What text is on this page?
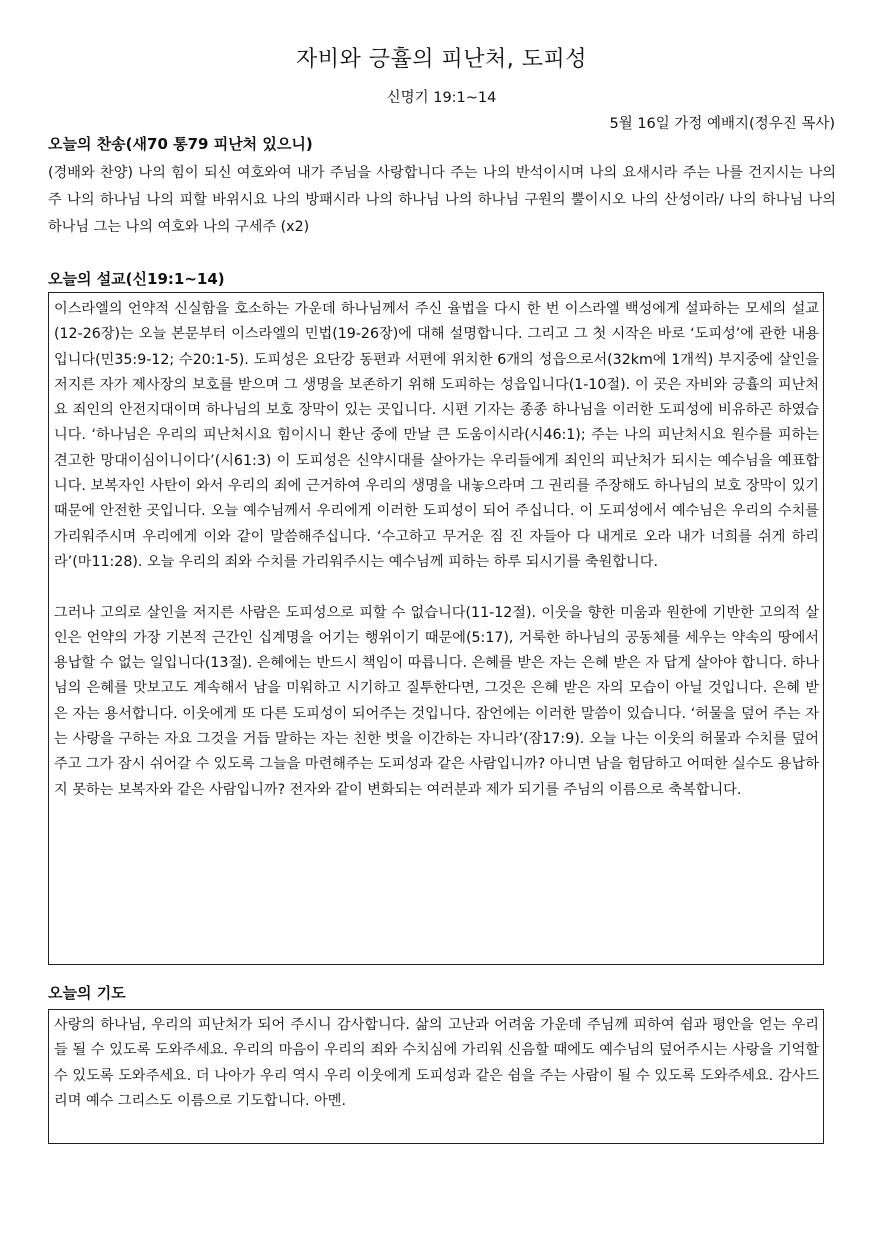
자비와 긍휼의 피난처, 도피성
신명기 19:1~14
5월 16일 가정 예배지(정우진 목사)
오늘의 찬송(새70 통79 피난처 있으니)
(경배와 찬양) 나의 힘이 되신 여호와여 내가 주님을 사랑합니다 주는 나의 반석이시며 나의 요새시라 주는 나를 건지시는 나의 주 나의 하나님 나의 피할 바위시요 나의 방패시라 나의 하나님 나의 하나님 구원의 뿔이시오 나의 산성이라/ 나의 하나님 나의 하나님 그는 나의 여호와 나의 구세주 (x2)
오늘의 설교(신19:1~14)

이스라엘의 언약적 신실함을 호소하는 가운데 하나님께서 주신 율법을 다시 한 번 이스라엘 백성에게 설파하는 모세의 설교(12-26장)는 오늘 본문부터 이스라엘의 민법(19-26장)에 대해 설명합니다. 그리고 그 첫 시작은 바로 ‘도피성’에 관한 내용입니다(민35:9-12; 수20:1-5). 도피성은 요단강 동편과 서편에 위치한 6개의 성읍으로서(32km에 1개씩) 부지중에 살인을 저지른 자가 제사장의 보호를 받으며 그 생명을 보존하기 위해 도피하는 성읍입니다(1-10절). 이 곳은 자비와 긍휼의 피난처요 죄인의 안전지대이며 하나님의 보호 장막이 있는 곳입니다. 시편 기자는 종종 하나님을 이러한 도피성에 비유하곤 하였습니다. ‘하나님은 우리의 피난처시요 힘이시니 환난 중에 만날 큰 도움이시라(시46:1); 주는 나의 피난처시요 원수를 피하는 견고한 망대이심이니이다’(시61:3) 이 도피성은 신약시대를 살아가는 우리들에게 죄인의 피난처가 되시는 예수님을 예표합니다. 보복자인 사탄이 와서 우리의 죄에 근거하여 우리의 생명을 내놓으라며 그 권리를 주장해도 하나님의 보호 장막이 있기 때문에 안전한 곳입니다. 오늘 예수님께서 우리에게 이러한 도피성이 되어 주십니다. 이 도피성에서 예수님은 우리의 수치를 가리워주시며 우리에게 이와 같이 말씀해주십니다. ‘수고하고 무거운 짐 진 자들아 다 내게로 오라 내가 너희를 쉬게 하리라’(마11:28). 오늘 우리의 죄와 수치를 가리워주시는 예수님께 피하는 하루 되시기를 축원합니다.

그러나 고의로 살인을 저지른 사람은 도피성으로 피할 수 없습니다(11-12절). 이웃을 향한 미움과 원한에 기반한 고의적 살인은 언약의 가장 기본적 근간인 십계명을 어기는 행위이기 때문에(5:17), 거룩한 하나님의 공동체를 세우는 약속의 땅에서 용납할 수 없는 일입니다(13절). 은혜에는 반드시 책임이 따릅니다. 은혜를 받은 자는 은혜 받은 자 답게 살아야 합니다. 하나님의 은혜를 맛보고도 계속해서 남을 미워하고 시기하고 질투한다면, 그것은 은혜 받은 자의 모습이 아닐 것입니다. 은혜 받은 자는 용서합니다. 이웃에게 또 다른 도피성이 되어주는 것입니다. 잠언에는 이러한 말씀이 있습니다. ‘허물을 덮어 주는 자는 사랑을 구하는 자요 그것을 거듭 말하는 자는 친한 벗을 이간하는 자니라’(잠17:9). 오늘 나는 이웃의 허물과 수치를 덮어주고 그가 잠시 쉬어갈 수 있도록 그늘을 마련해주는 도피성과 같은 사람입니까? 아니면 남을 험담하고 어떠한 실수도 용납하지 못하는 보복자와 같은 사람입니까? 전자와 같이 변화되는 여러분과 제가 되기를 주님의 이름으로 축복합니다.

오늘의 기도

사랑의 하나님, 우리의 피난처가 되어 주시니 감사합니다. 삶의 고난과 어려움 가운데 주님께 피하여 쉼과 평안을 얻는 우리들 될 수 있도록 도와주세요. 우리의 마음이 우리의 죄와 수치심에 가리워 신음할 때에도 예수님의 덮어주시는 사랑을 기억할 수 있도록 도와주세요. 더 나아가 우리 역시 우리 이웃에게 도피성과 같은 쉼을 주는 사람이 될 수 있도록 도와주세요. 감사드리며 예수 그리스도 이름으로 기도합니다. 아멘.
